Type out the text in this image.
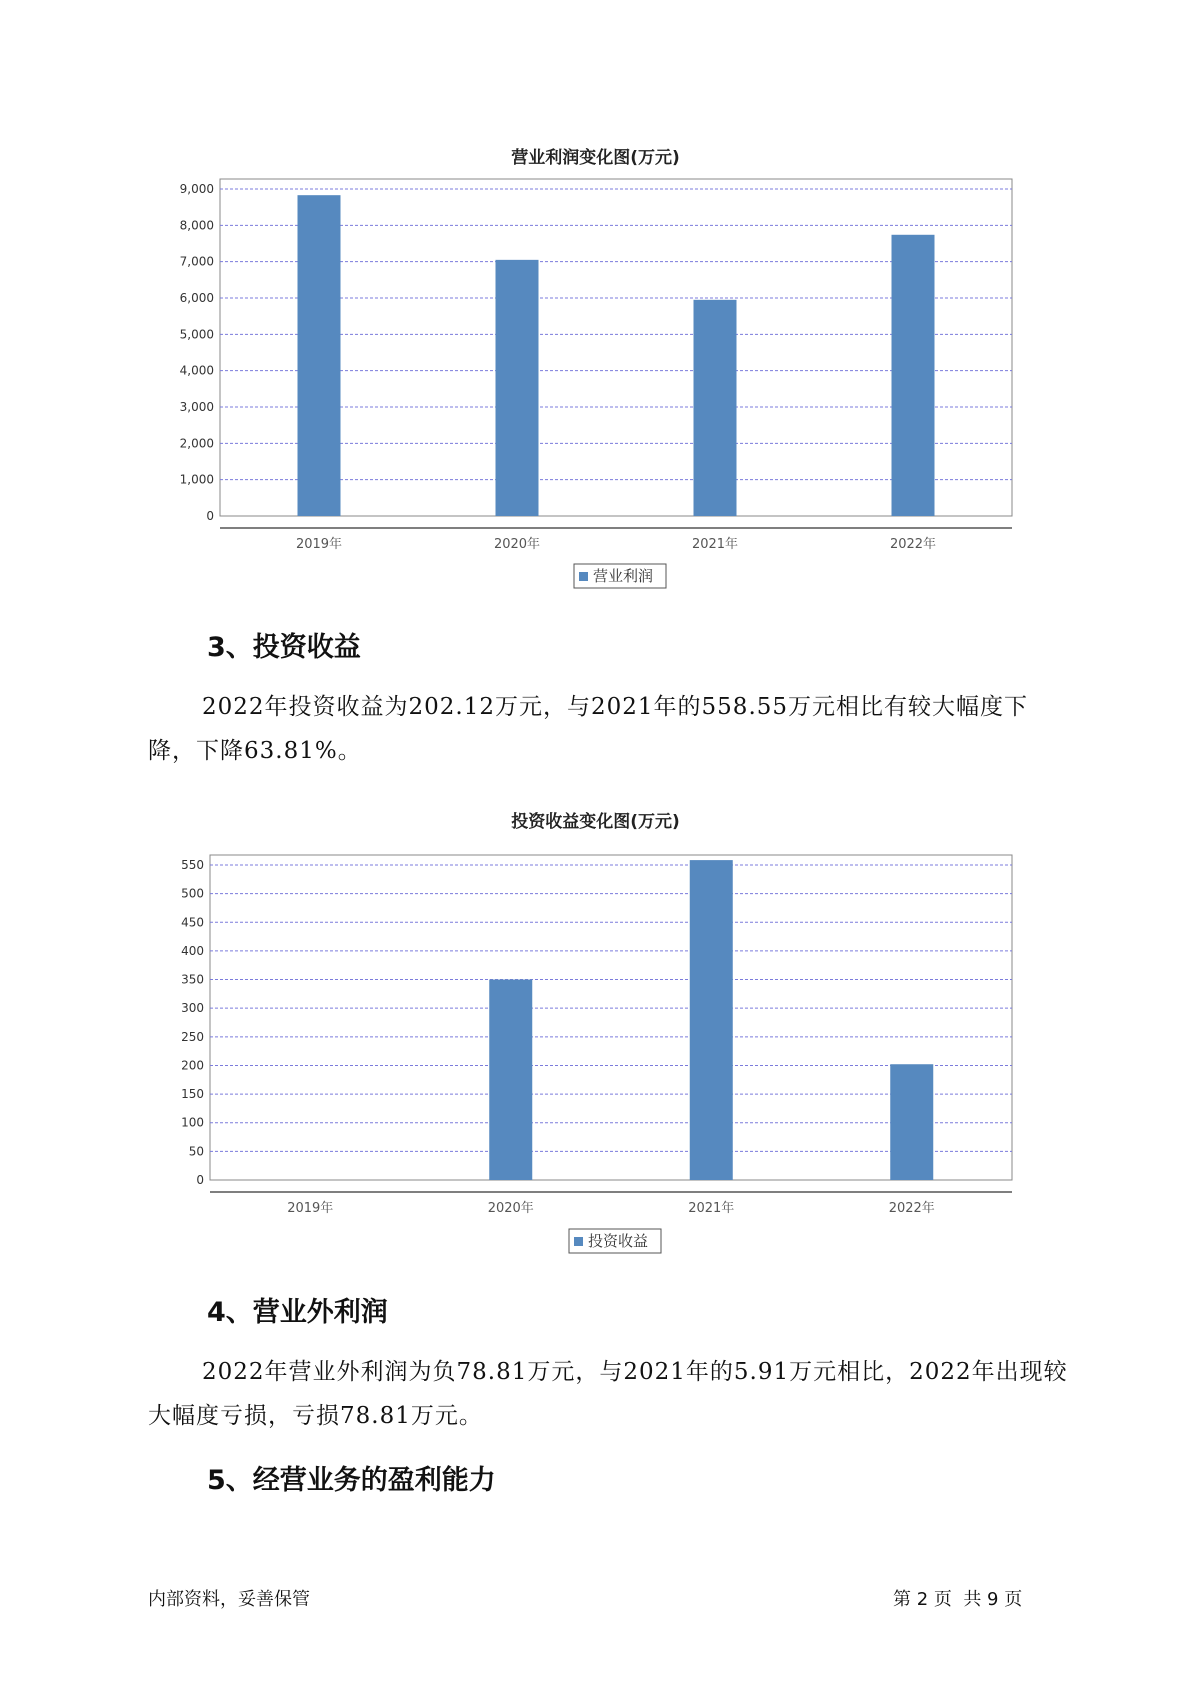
营业利润变化图(万元)
0
1,000
2,000
3,000
4,000
5,000
6,000
7,000
8,000
9,000
2019年	2020年	2021年	2022年
营业利润
3、投资收益
2022年投资收益为202.12万元，与2021年的558.55万元相比有较大幅度下降，下降63.81%。
投资收益变化图(万元)
0
50
100
150
200
250
300
350
400
450
500
550
2019年	2020年	2021年	2022年
投资收益
4、营业外利润
2022年营业外利润为负78.81万元，与2021年的5.91万元相比，2022年出现较大幅度亏损，亏损78.81万元。
5、经营业务的盈利能力
内部资料，妥善保管	第 2 页  共 9 页
